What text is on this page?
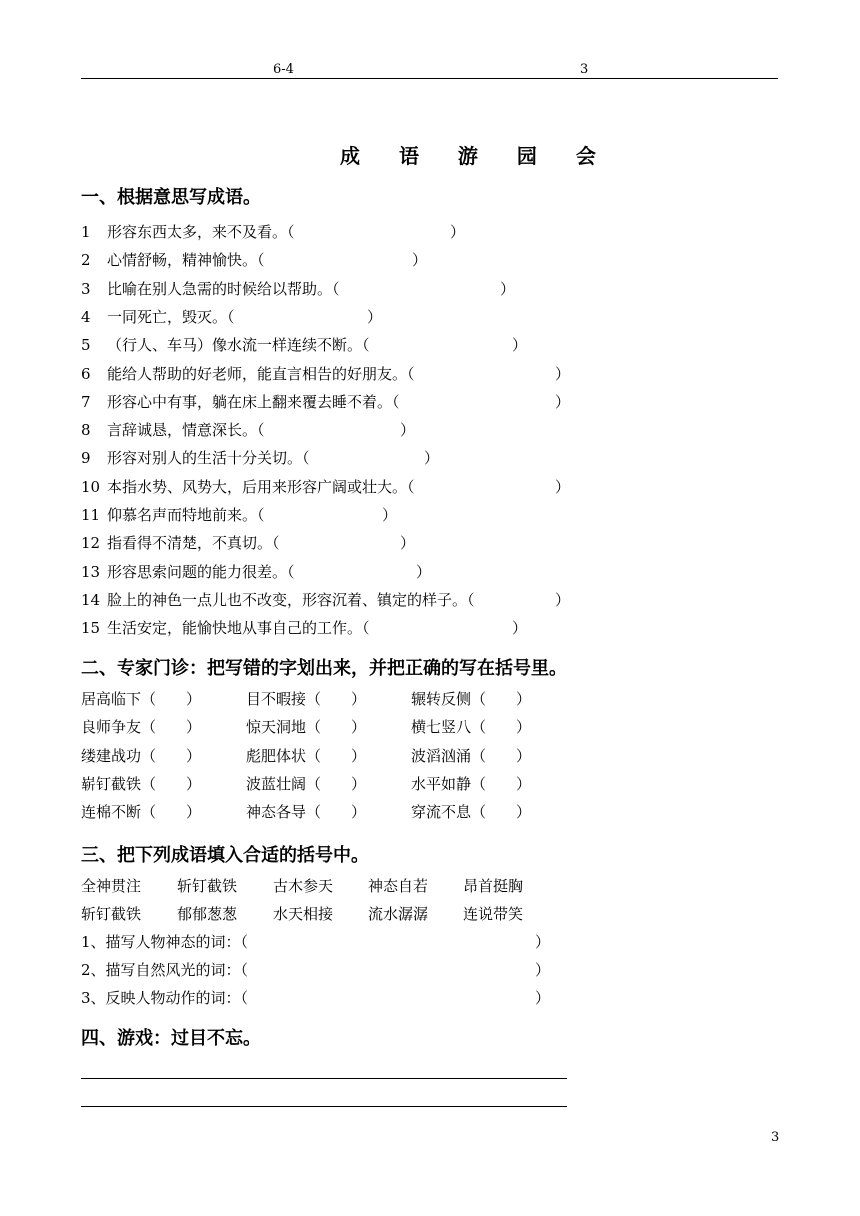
6-4	3
成 语 游 园 会
一、根据意思写成语。
1 形容东西太多，来不及看。（	）
2 心情舒畅，精神愉快。（	）
3 比喻在别人急需的时候给以帮助。（	）
4 一同死亡，毁灭。（	）
5 （行人、车马）像水流一样连续不断。（	）
6 能给人帮助的好老师，能直言相告的好朋友。（	）
7 形容心中有事，躺在床上翻来覆去睡不着。（	）
8 言辞诚恳，情意深长。（	）
9 形容对别人的生活十分关切。（	）
10 本指水势、风势大，后用来形容广阔或壮大。（	）
11 仰慕名声而特地前来。（	）
12 指看得不清楚，不真切。（	）
13 形容思索问题的能力很差。（	）
14 脸上的神色一点儿也不改变，形容沉着、镇定的样子。（	）
15 生活安定，能愉快地从事自己的工作。（	）
二、专家门诊：把写错的字划出来，并把正确的写在括号里。
居高临下（　　）	目不暇接（　　）	辗转反侧（　　）
良师争友（　　）	惊天洞地（　　）	横七竖八（　　）
缕建战功（　　）	彪肥体状（　　）	波滔汹涌（　　）
崭钉截铁（　　）	波蓝壮阔（　　）	水平如静（　　）
连棉不断（　　）	神态各导（　　）	穿流不息（　　）
三、把下列成语填入合适的括号中。
全神贯注 斩钉截铁 古木参天 神态自若 昂首挺胸
斩钉截铁 郁郁葱葱 水天相接 流水潺潺 连说带笑
1、描写人物神态的词：（	）
2、描写自然风光的词：（	）
3、反映人物动作的词：（	）
四、游戏：过目不忘。
3
